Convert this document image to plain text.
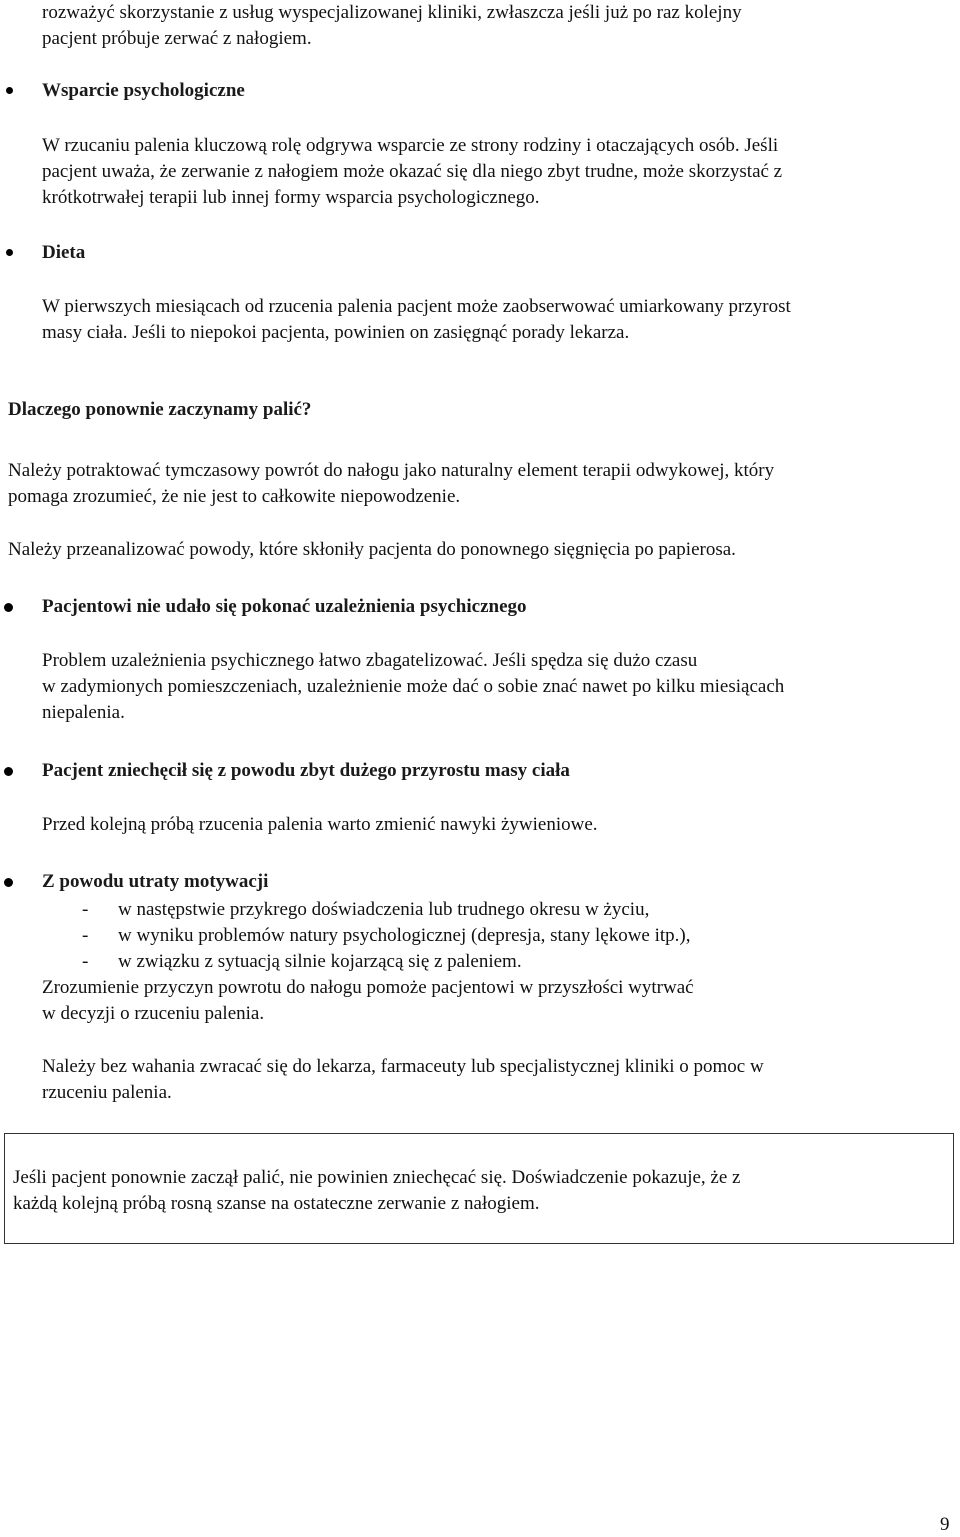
rozważyć skorzystanie z usług wyspecjalizowanej kliniki, zwłaszcza jeśli już po raz kolejny
pacjent próbuje zerwać z nałogiem.
Wsparcie psychologiczne
W rzucaniu palenia kluczową rolę odgrywa wsparcie ze strony rodziny i otaczających osób. Jeśli
pacjent uważa, że zerwanie z nałogiem może okazać się dla niego zbyt trudne, może skorzystać z
krótkotrwałej terapii lub innej formy wsparcia psychologicznego.
Dieta
W pierwszych miesiącach od rzucenia palenia pacjent może zaobserwować umiarkowany przyrost
masy ciała. Jeśli to niepokoi pacjenta, powinien on zasięgnąć porady lekarza.
Dlaczego ponownie zaczynamy palić?
Należy potraktować tymczasowy powrót do nałogu jako naturalny element terapii odwykowej, który
pomaga zrozumieć, że nie jest to całkowite niepowodzenie.
Należy przeanalizować powody, które skłoniły pacjenta do ponownego sięgnięcia po papierosa.
Pacjentowi nie udało się pokonać uzależnienia psychicznego
Problem uzależnienia psychicznego łatwo zbagatelizować. Jeśli spędza się dużo czasu
w zadymionych pomieszczeniach, uzależnienie może dać o sobie znać nawet po kilku miesiącach
niepalenia.
Pacjent zniechęcił się z powodu zbyt dużego przyrostu masy ciała
Przed kolejną próbą rzucenia palenia warto zmienić nawyki żywieniowe.
Z powodu utraty motywacji
- w następstwie przykrego doświadczenia lub trudnego okresu w życiu,
- w wyniku problemów natury psychologicznej (depresja, stany lękowe itp.),
- w związku z sytuacją silnie kojarzącą się z paleniem.
Zrozumienie przyczyn powrotu do nałogu pomoże pacjentowi w przyszłości wytrwać
w decyzji o rzuceniu palenia.
Należy bez wahania zwracać się do lekarza, farmaceuty lub specjalistycznej kliniki o pomoc w
rzuceniu palenia.
Jeśli pacjent ponownie zaczął palić, nie powinien zniechęcać się. Doświadczenie pokazuje, że z
każdą kolejną próbą rosną szanse na ostateczne zerwanie z nałogiem.
9
